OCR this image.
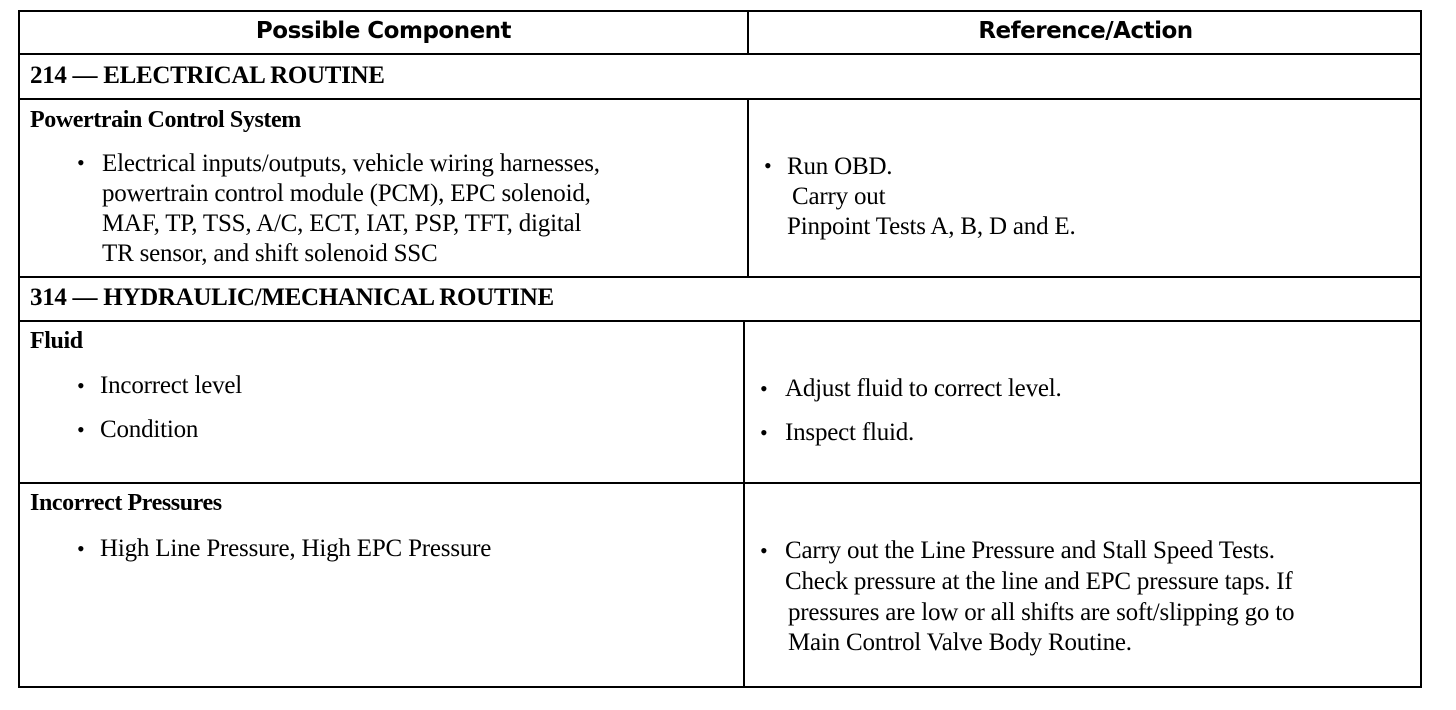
Possible Component	Reference/Action
214 — ELECTRICAL ROUTINE
Powertrain Control System
• Electrical inputs/outputs, vehicle wiring harnesses,
powertrain control module (PCM), EPC solenoid,
MAF, TP, TSS, A/C, ECT, IAT, PSP, TFT, digital
TR sensor, and shift solenoid SSC
• Run OBD.
Carry out
Pinpoint Tests A, B, D and E.
314 — HYDRAULIC/MECHANICAL ROUTINE
Fluid
• Incorrect level
• Condition
• Adjust fluid to correct level.
• Inspect fluid.
Incorrect Pressures
• High Line Pressure, High EPC Pressure	• Carry out the Line Pressure and Stall Speed Tests.
Check pressure at the line and EPC pressure taps. If
pressures are low or all shifts are soft/slipping go to
Main Control Valve Body Routine.
